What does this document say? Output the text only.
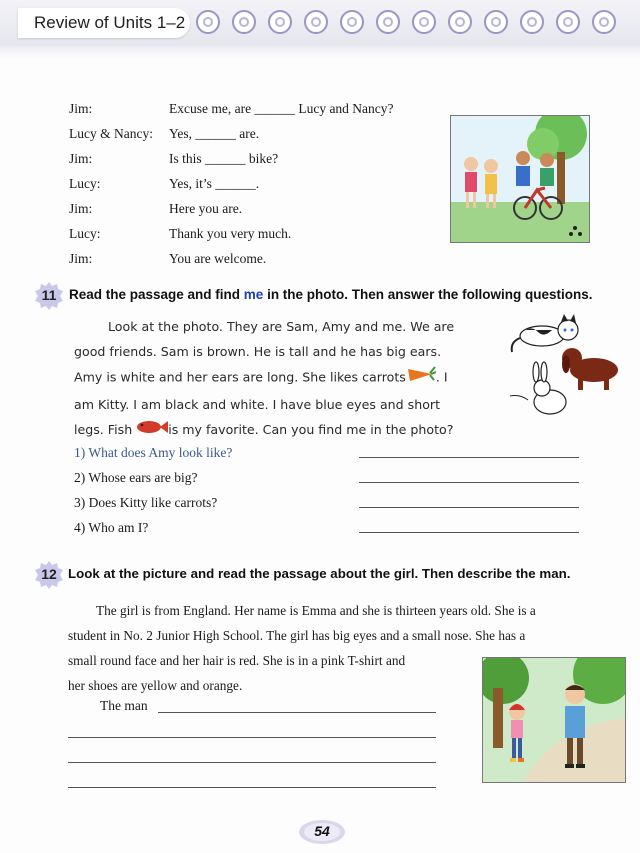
Review of Units 1–2
Jim:	Excuse me, are ______ Lucy and Nancy?
Lucy & Nancy: Yes, ______ are.
Jim:	Is this ______ bike?
Lucy:	Yes, it’s ______.
Jim:	Here you are.
Lucy:	Thank you very much.
Jim:	You are welcome.
11 Read the passage and find me in the photo. Then answer the following questions.

Look at the photo. They are Sam, Amy and me. We are

good friends. Sam is brown. He is tall and he has big ears.

Amy is white and her ears are long. She likes carrots . I

am Kitty. I am black and white. I have blue eyes and short

legs. Fish	is my favorite. Can you find me in the photo?

1) What does Amy look like?
2) Whose ears are big?
3) Does Kitty like carrots?
4) Who am I?
12 Look at the picture and read the passage about the girl. Then describe the man.
The girl is from England. Her name is Emma and she is thirteen years old. She is a
student in No. 2 Junior High School. The girl has big eyes and a small nose. She has a
small round face and her hair is red. She is in a pink T-shirt and
her shoes are yellow and orange.
The man
54
